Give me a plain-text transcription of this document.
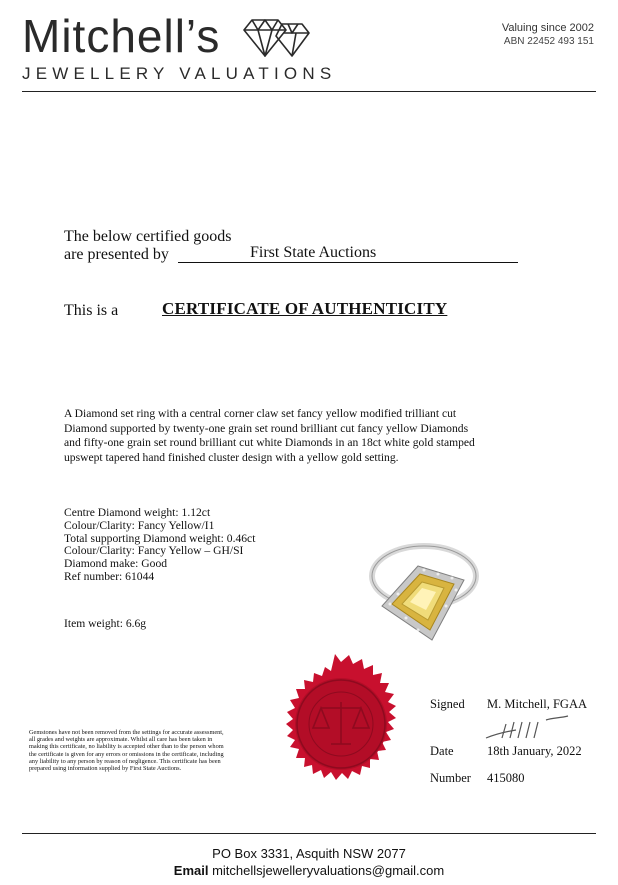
Mitchell’s
JEWELLERY VALUATIONS
Valuing since 2002
ABN 22452 493 151
The below certified goods
are presented by	First State Auctions
This is a	CERTIFICATE OF AUTHENTICITY
A Diamond set ring with a central corner claw set fancy yellow modified trilliant cut Diamond supported by twenty-one grain set round brilliant cut fancy yellow Diamonds and fifty-one grain set round brilliant cut white Diamonds in an 18ct white gold stamped upswept tapered hand finished cluster design with a yellow gold setting.
Centre Diamond weight: 1.12ct
Colour/Clarity: Fancy Yellow/I1
Total supporting Diamond weight: 0.46ct
Colour/Clarity: Fancy Yellow – GH/SI
Diamond make: Good
Ref number: 61044
Item weight: 6.6g
Signed M. Mitchell, FGAA
Date	18th January, 2022
Number 415080
Gemstones have not been removed from the settings for accurate assessment, all grades and weights are approximate. Whilst all care has been taken in making this certificate, no liability is accepted other than to the person whom the certificate is given for any errors or omissions in the certificate, including any liability to any person by reason of negligence. This certificate has been prepared using information supplied by First State Auctions.
PO Box 3331, Asquith NSW 2077
Email mitchellsjewelleryvaluations@gmail.com
